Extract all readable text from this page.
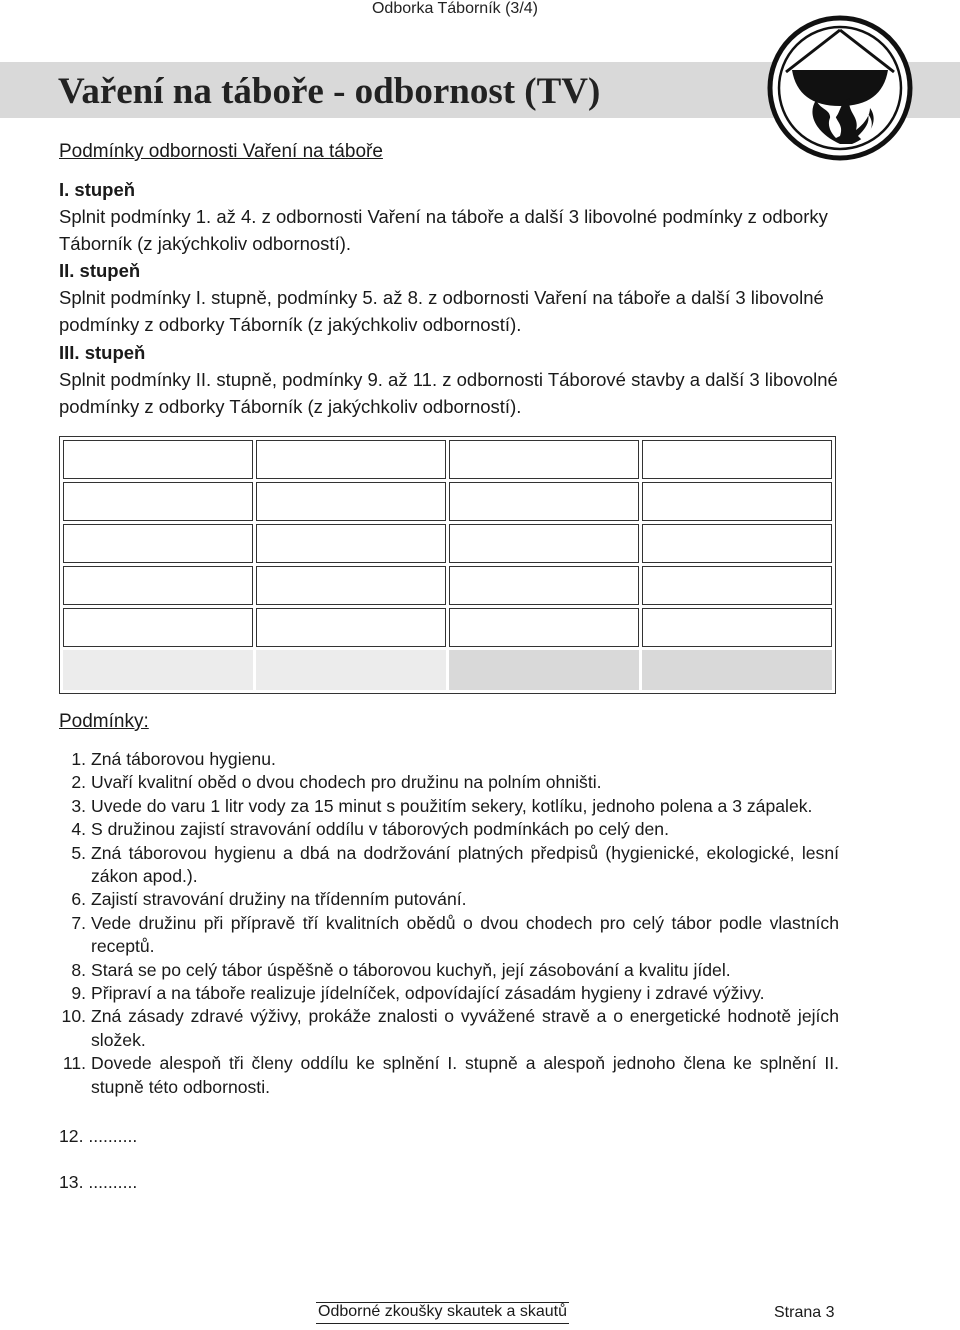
Odborka Táborník (3/4)
Vaření na táboře - odbornost (TV)
Podmínky odbornosti Vaření na táboře
I. stupeň
Splnit podmínky 1. až 4. z odbornosti Vaření na táboře a další 3 libovolné podmínky z odborky Táborník (z jakýchkoliv odborností).
II. stupeň
Splnit podmínky I. stupně, podmínky 5. až 8. z odbornosti Vaření na táboře a další 3 libovolné podmínky z odborky Táborník (z jakýchkoliv odborností).
III. stupeň
Splnit podmínky II. stupně, podmínky 9. až 11. z odbornosti Táborové stavby a další 3 libovolné podmínky z odborky Táborník (z jakýchkoliv odborností).

Podmínky:
1. Zná táborovou hygienu.
2. Uvaří kvalitní oběd o dvou chodech pro družinu na polním ohništi.
3. Uvede do varu 1 litr vody za 15 minut s použitím sekery, kotlíku, jednoho polena a 3 zápalek.
4. S družinou zajistí stravování oddílu v táborových podmínkách po celý den.
5. Zná táborovou hygienu a dbá na dodržování platných předpisů (hygienické, ekologické, lesní zákon apod.).
6. Zajistí stravování družiny na třídenním putování.
7. Vede družinu při přípravě tří kvalitních obědů o dvou chodech pro celý tábor podle vlastních receptů.
8. Stará se po celý tábor úspěšně o táborovou kuchyň, její zásobování a kvalitu jídel.
9. Připraví a na táboře realizuje jídelníček, odpovídající zásadám hygieny i zdravé výživy.
10. Zná zásady zdravé výživy, prokáže znalosti o vyvážené stravě a o energetické hodnotě jejích složek.
11. Dovede alespoň tři členy oddílu ke splnění I. stupně a alespoň jednoho člena ke splnění II. stupně této odbornosti.
12. ..........
13. ..........
Odborné zkoušky skautek a skautů	Strana 3
